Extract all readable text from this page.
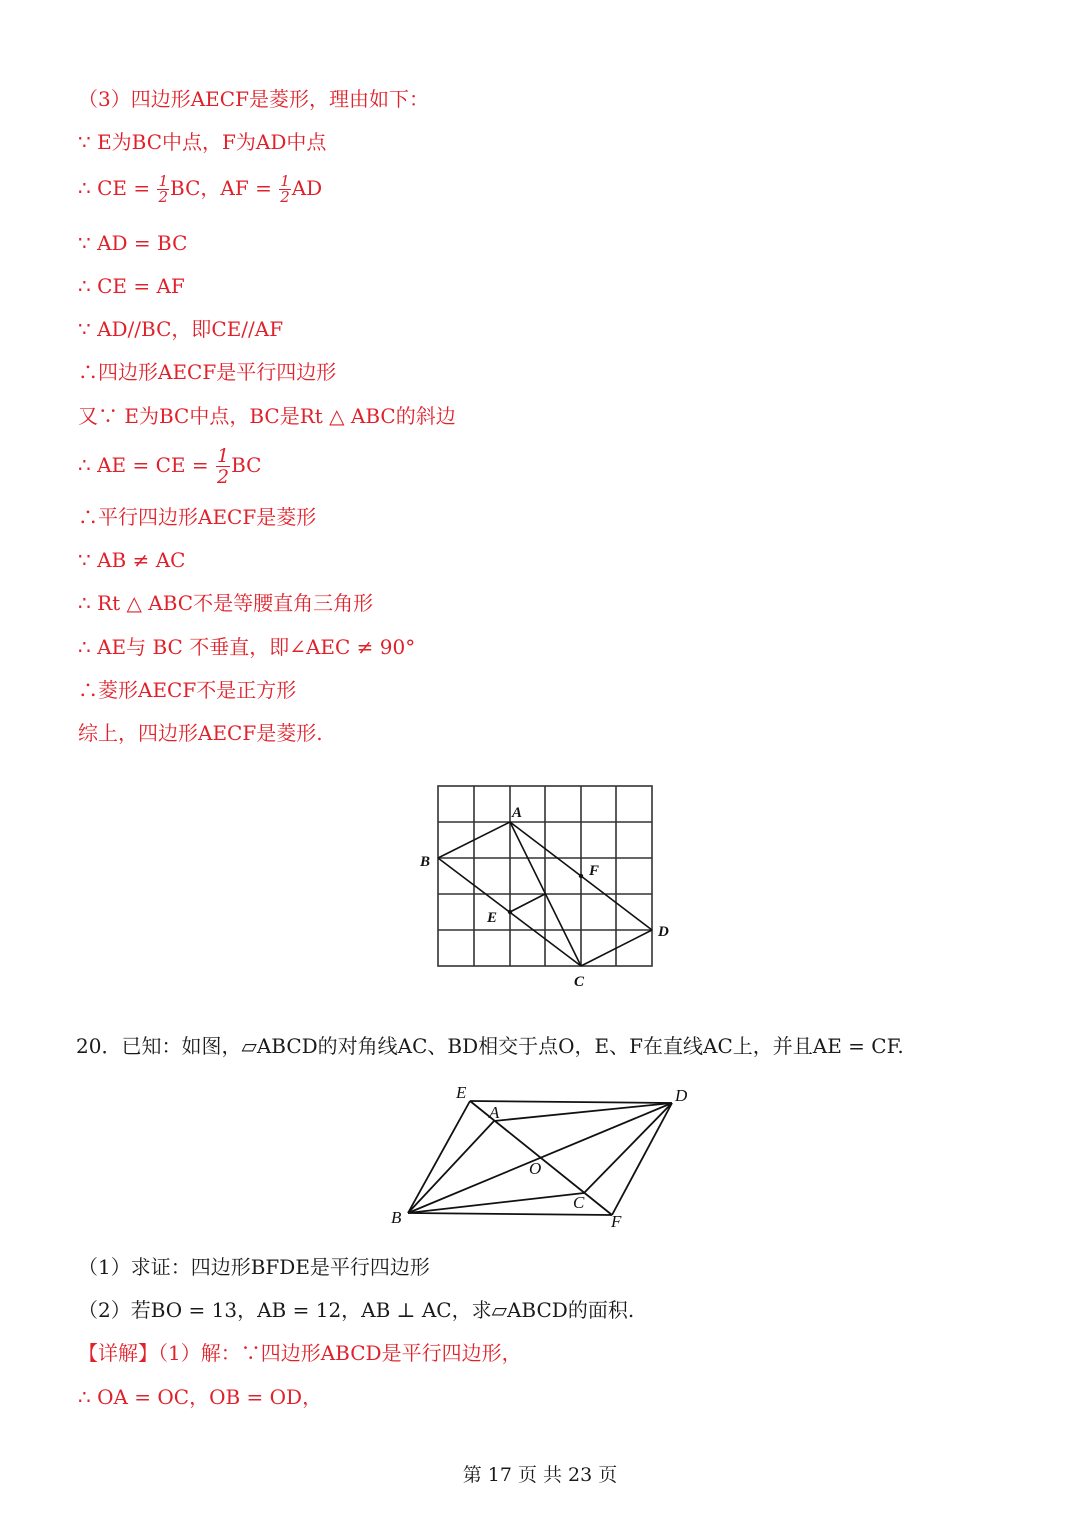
（3）四边形AECF是菱形，理由如下：
∵ E为BC中点，F为AD中点
∴ CE = $\frac{1}{2}$ BC，AF = $\frac{1}{2}$ AD
∵ AD = BC
∴ CE = AF
∵ AD//BC，即CE//AF
∴四边形AECF是平行四边形
又∵ E为BC中点，BC是Rt △ ABC的斜边
∴ AE = CE = $\frac{1}{2}$ BC
∴平行四边形AECF是菱形
∵ AB ≠ AC
∴ Rt △ ABC不是等腰直角三角形
∴ AE与 BC 不垂直，即∠AEC ≠ 90°
∴菱形AECF不是正方形
综上，四边形AECF是菱形.
A
B
C
D
E
F
20．已知：如图，▱ABCD的对角线AC、BD相交于点O，E、F在直线AC上，并且AE = CF.
E
A
D
O
B
C
F
（1）求证：四边形BFDE是平行四边形
（2）若BO = 13，AB = 12，AB ⊥ AC，求▱ABCD的面积.
【详解】（1）解：∵四边形ABCD是平行四边形，
∴ OA = OC，OB = OD，
第 17 页 共 23 页
